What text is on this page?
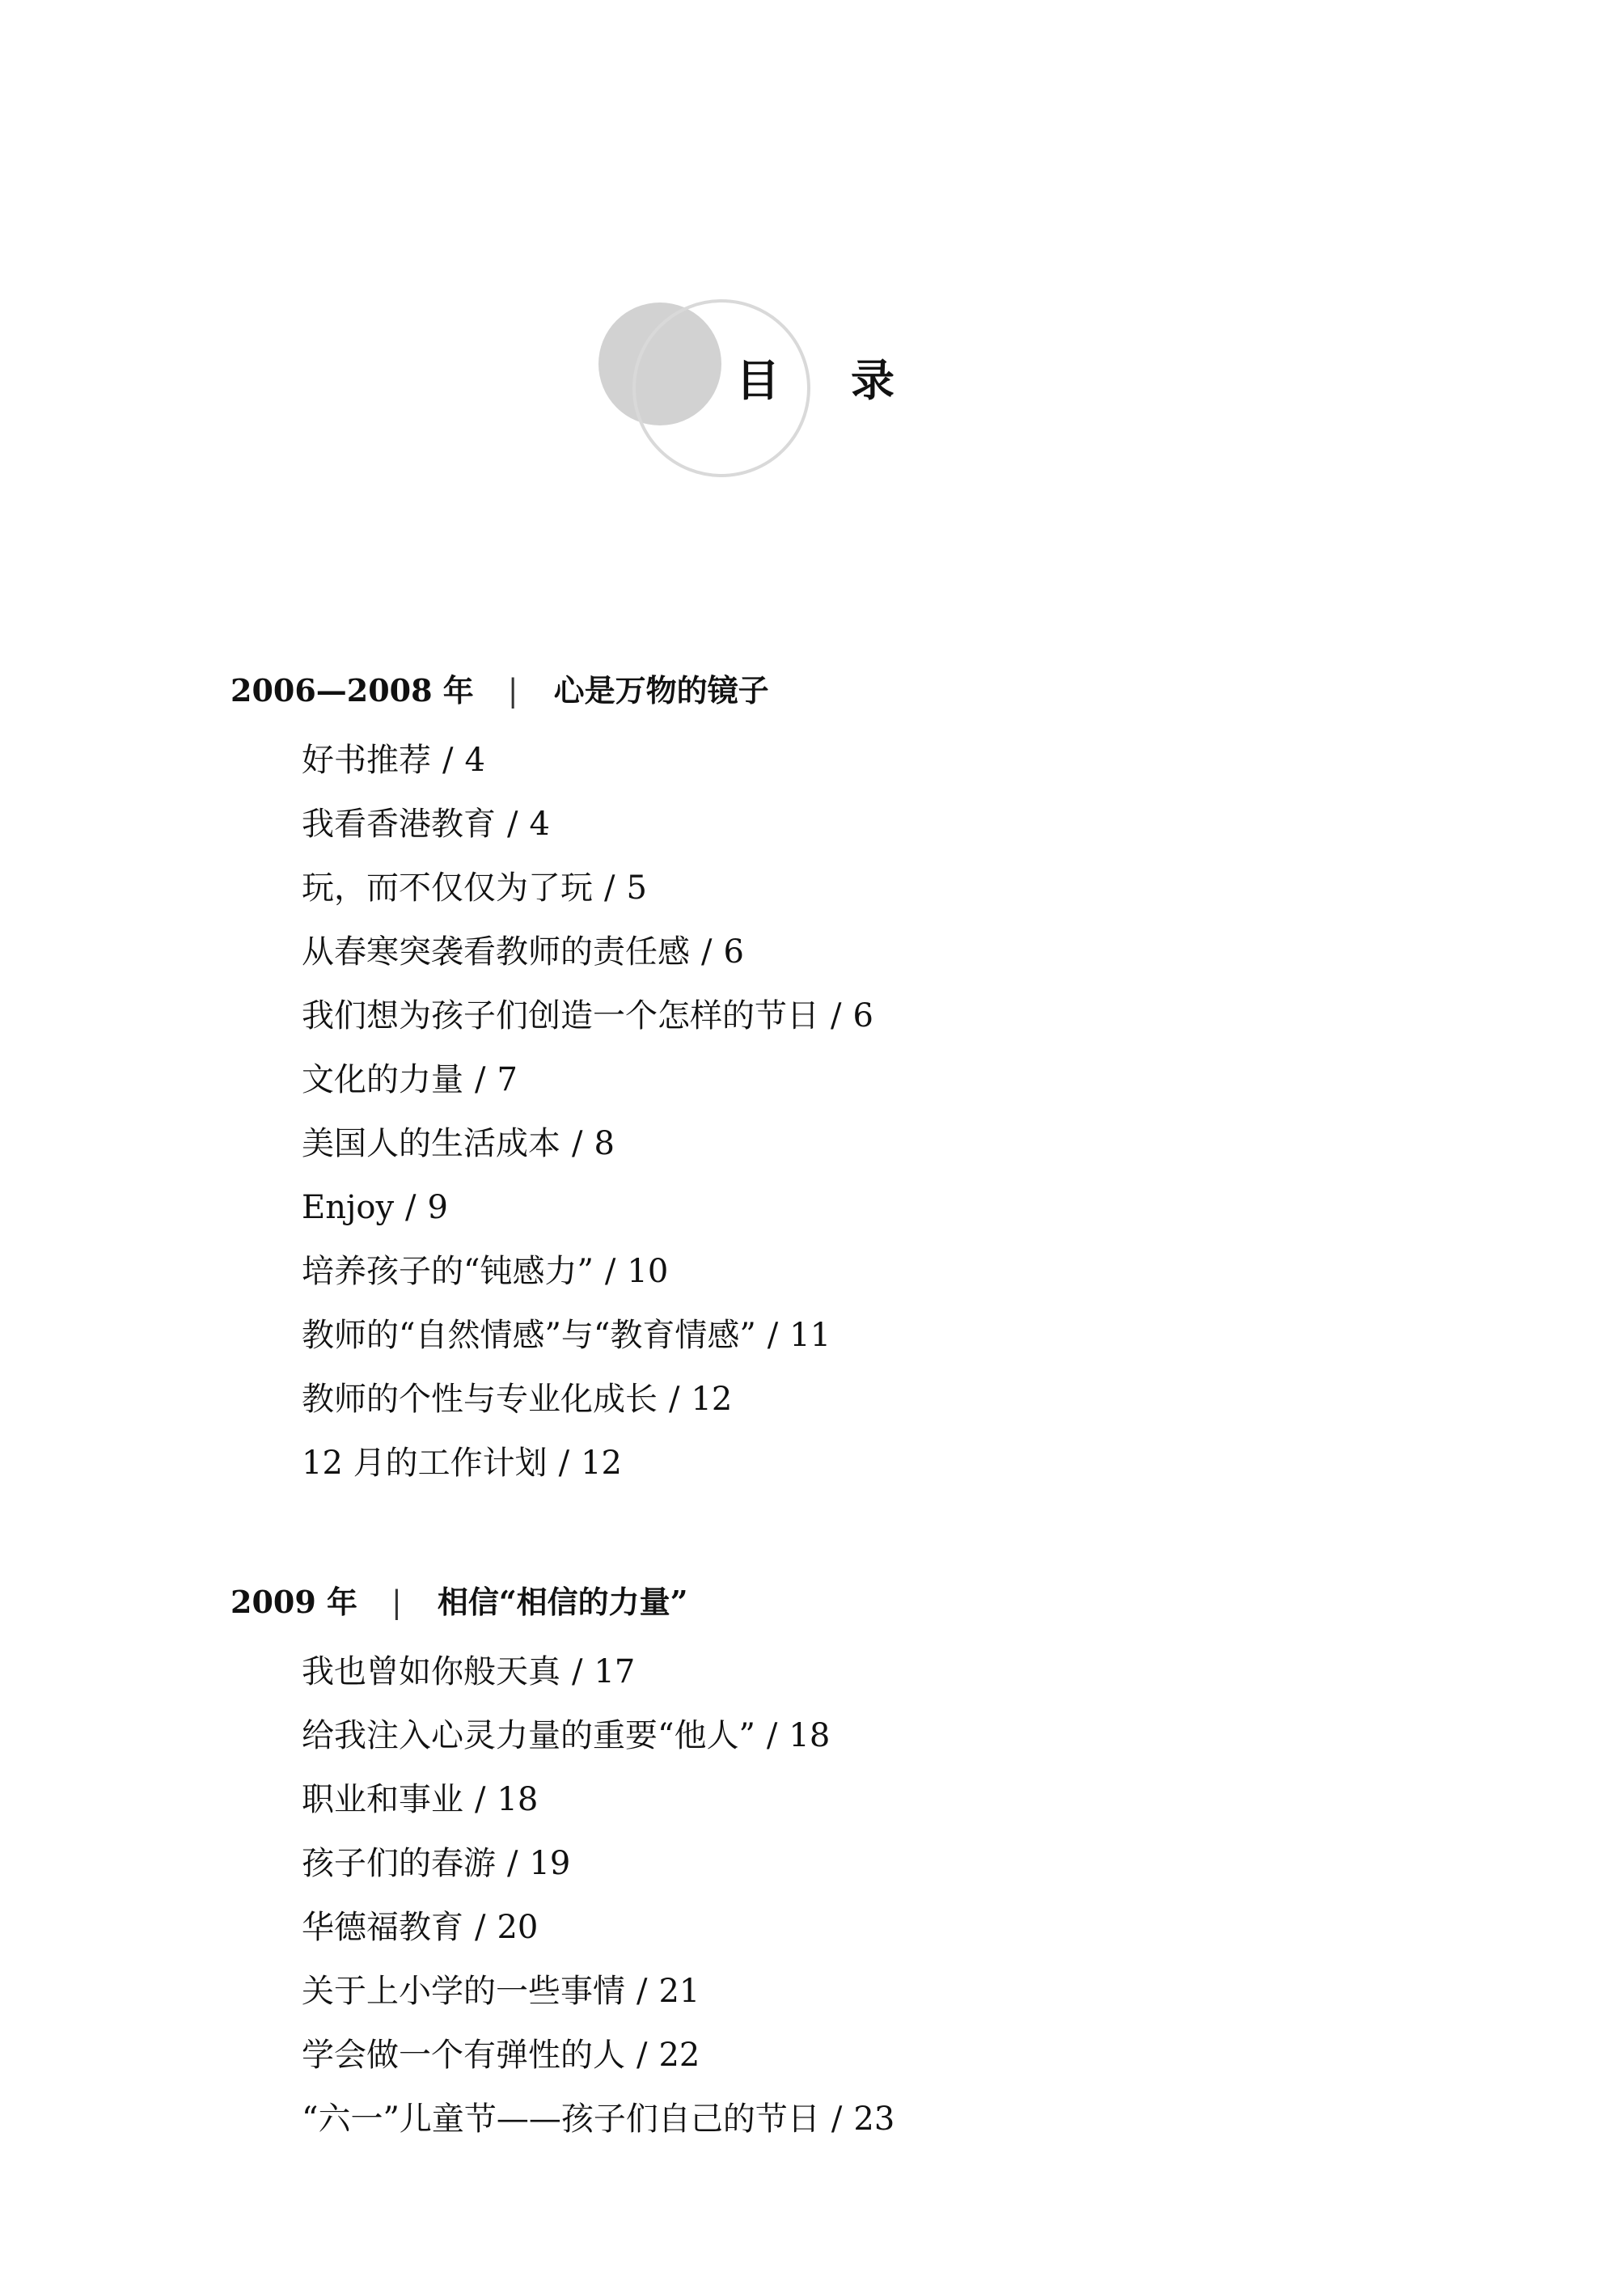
目录
2006—2008 年 | 心是万物的镜子
好书推荐 / 4
我看香港教育 / 4
玩，而不仅仅为了玩 / 5
从春寒突袭看教师的责任感 / 6
我们想为孩子们创造一个怎样的节日 / 6
文化的力量 / 7
美国人的生活成本 / 8
Enjoy / 9
培养孩子的“钝感力” / 10
教师的“自然情感”与“教育情感” / 11
教师的个性与专业化成长 / 12
12 月的工作计划 / 12
2009 年 | 相信“相信的力量”
我也曾如你般天真 / 17
给我注入心灵力量的重要“他人” / 18
职业和事业 / 18
孩子们的春游 / 19
华德福教育 / 20
关于上小学的一些事情 / 21
学会做一个有弹性的人 / 22
“六一”儿童节——孩子们自己的节日 / 23
